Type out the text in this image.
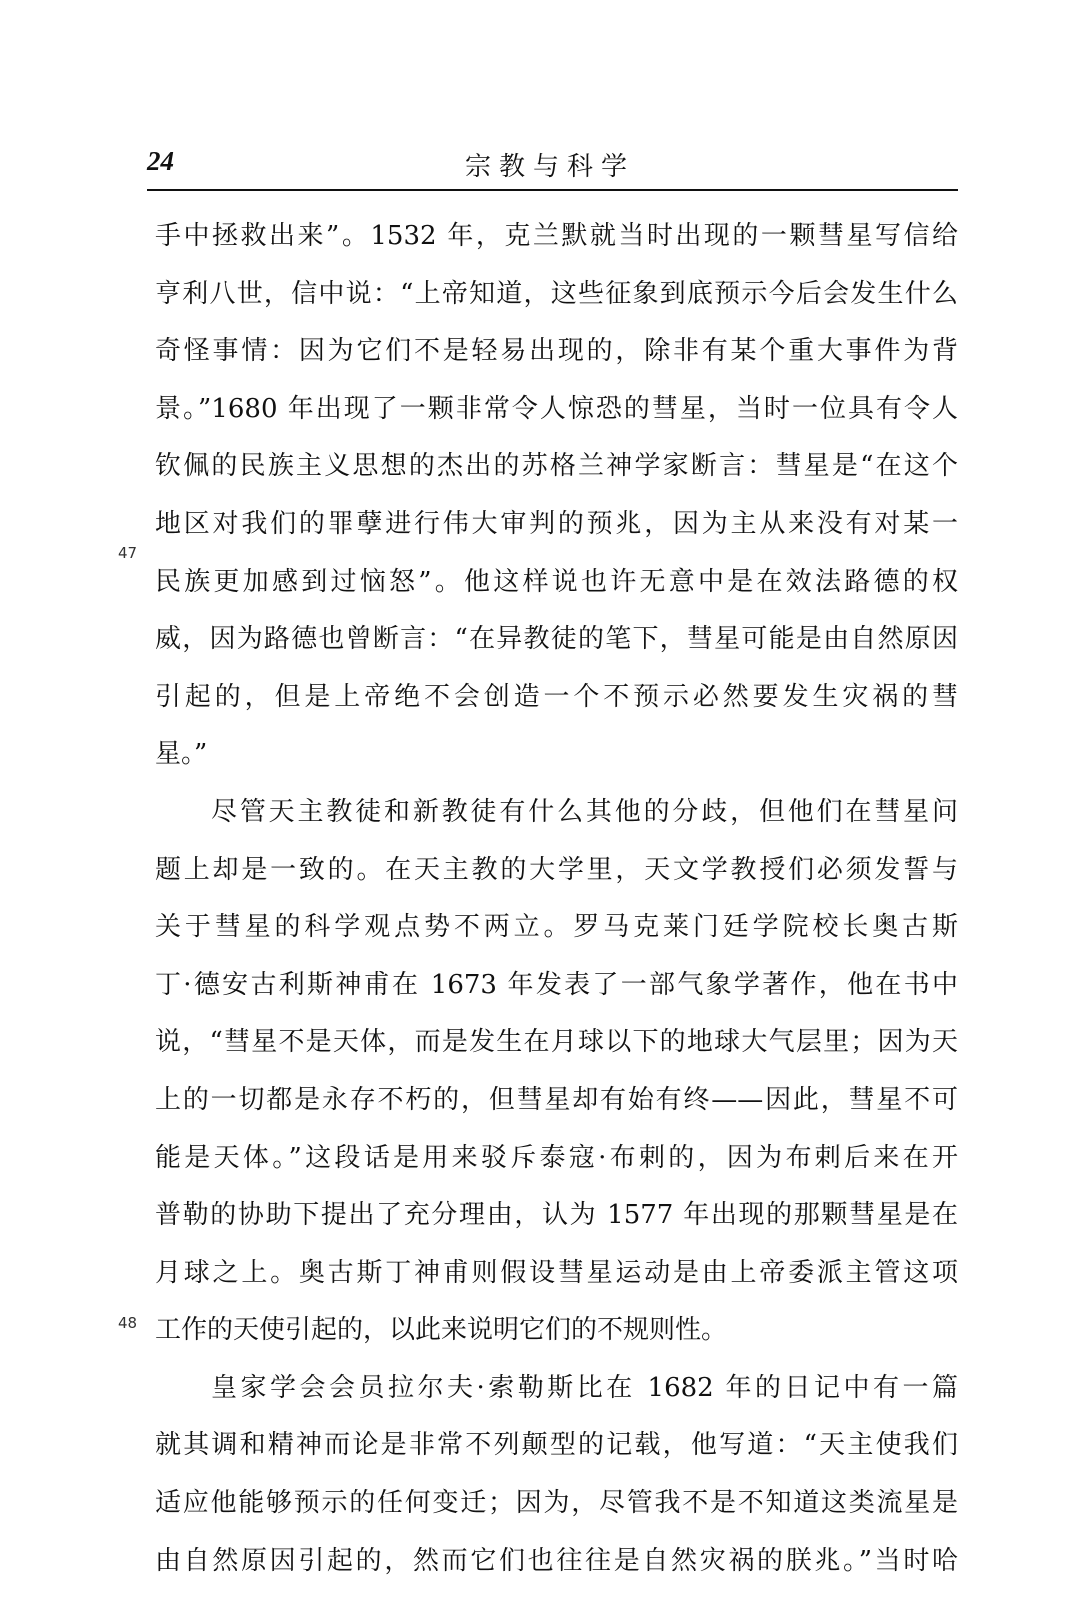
24	宗教与科学
47
48
手中拯救出来”。1532 年，克兰默就当时出现的一颗彗星写信给
亨利八世，信中说：“上帝知道，这些征象到底预示今后会发生什么
奇怪事情：因为它们不是轻易出现的，除非有某个重大事件为背
景。”1680 年出现了一颗非常令人惊恐的彗星，当时一位具有令人
钦佩的民族主义思想的杰出的苏格兰神学家断言：彗星是“在这个
地区对我们的罪孽进行伟大审判的预兆，因为主从来没有对某一
民族更加感到过恼怒”。他这样说也许无意中是在效法路德的权
威，因为路德也曾断言：“在异教徒的笔下，彗星可能是由自然原因
引起的，但是上帝绝不会创造一个不预示必然要发生灾祸的彗
星。”
尽管天主教徒和新教徒有什么其他的分歧，但他们在彗星问
题上却是一致的。在天主教的大学里，天文学教授们必须发誓与
关于彗星的科学观点势不两立。罗马克莱门廷学院校长奥古斯
丁·德安古利斯神甫在 1673 年发表了一部气象学著作，他在书中
说，“彗星不是天体，而是发生在月球以下的地球大气层里；因为天
上的一切都是永存不朽的，但彗星却有始有终——因此，彗星不可
能是天体。”这段话是用来驳斥泰寇·布剌的，因为布剌后来在开
普勒的协助下提出了充分理由，认为 1577 年出现的那颗彗星是在
月球之上。奥古斯丁神甫则假设彗星运动是由上帝委派主管这项
工作的天使引起的，以此来说明它们的不规则性。
皇家学会会员拉尔夫·索勒斯比在 1682 年的日记中有一篇
就其调和精神而论是非常不列颠型的记载，他写道：“天主使我们
适应他能够预示的任何变迁；因为，尽管我不是不知道这类流星是
由自然原因引起的，然而它们也往往是自然灾祸的朕兆。”当时哈
